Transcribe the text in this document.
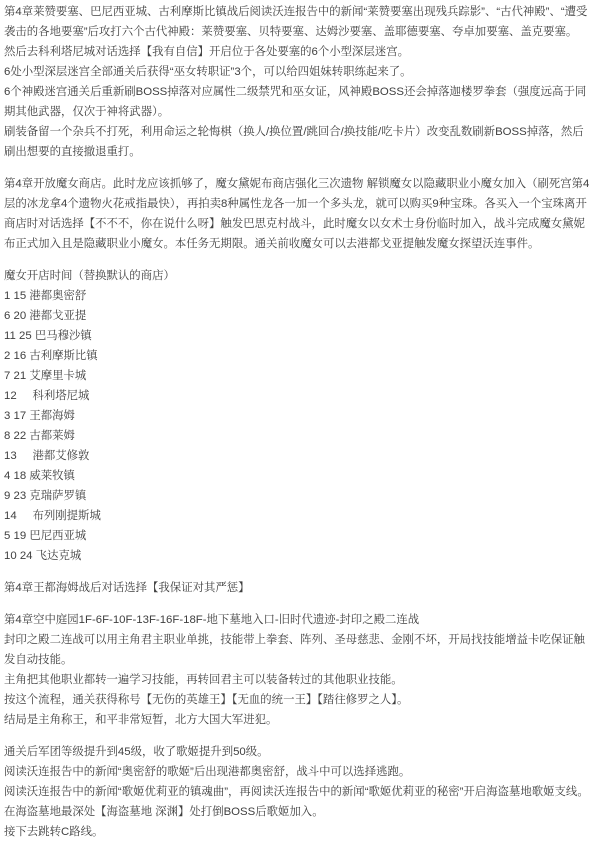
第4章莱赞要塞、巴尼西亚城、古利摩斯比镇战后阅读沃连报告中的新闻“莱赞要塞出现残兵踪影”、“古代神殿”、“遭受袭击的各地要塞”后攻打六个古代神殿：莱赞要塞、贝特要塞、达姆沙要塞、盖耶德要塞、夸卓加要塞、盖克要塞。

然后去科利塔尼城对话选择【我有自信】开启位于各处要塞的6个小型深层迷宫。

6处小型深层迷宫全部通关后获得“巫女转职证”3个，可以给四姐妹转职练起来了。

6个神殿迷宫通关后重新刷BOSS掉落对应属性二级禁咒和巫女证，风神殿BOSS还会掉落迦楼罗拳套（强度远高于同期其他武器，仅次于神将武器）。

刷装备留一个杂兵不打死，利用命运之轮悔棋（换人/换位置/跳回合/换技能/吃卡片）改变乱数刷新BOSS掉落，然后刷出想要的直接撤退重打。

第4章开放魔女商店。此时龙应该抓够了，魔女黛妮布商店强化三次遗物 解锁魔女以隐藏职业小魔女加入（刷死宫第4层的冰龙拿4个遗物火花戒指最快），再拍卖8种属性龙各一加一个多头龙，就可以购买9种宝珠。各买入一个宝珠离开商店时对话选择【不不不，你在说什么呀】触发巴思克村战斗，此时魔女以女术士身份临时加入，战斗完成魔女黛妮布正式加入且是隐藏职业小魔女。本任务无期限。通关前收魔女可以去港都戈亚提触发魔女探望沃连事件。

魔女开店时间（替换默认的商店）

1 15 港都奥密舒

6 20 港都戈亚提

11 25 巴马穆沙镇

2 16 古利摩斯比镇

7 21 艾摩里卡城

12     科利塔尼城

3 17 王都海姆

8 22 古都莱姆

13     港都艾修敦

4 18 威莱牧镇

9 23 克瑞萨罗镇

14     布列刚提斯城

5 19 巴尼西亚城

10 24 飞达克城

第4章王都海姆战后对话选择【我保证对其严惩】

第4章空中庭园1F-6F-10F-13F-16F-18F-地下墓地入口-旧时代遗迹-封印之殿二连战

封印之殿二连战可以用主角君主职业单挑，技能带上拳套、阵列、圣母慈悲、金刚不坏，开局找技能增益卡吃保证触发自动技能。

主角把其他职业都转一遍学习技能，再转回君主可以装备转过的其他职业技能。

按这个流程，通关获得称号【无伤的英雄王】【无血的统一王】【踏往修罗之人】。

结局是主角称王，和平非常短暂，北方大国大军进犯。

通关后军团等级提升到45级，收了歌姬提升到50级。

阅读沃连报告中的新闻“奥密舒的歌姬”后出现港都奥密舒，战斗中可以选择逃跑。

阅读沃连报告中的新闻“歌姬优莉亚的镇魂曲”，再阅读沃连报告中的新闻“歌姬优莉亚的秘密”开启海盗墓地歌姬支线。在海盗墓地最深处【海盗墓地 深渊】处打倒BOSS后歌姬加入。

接下去跳转C路线。
